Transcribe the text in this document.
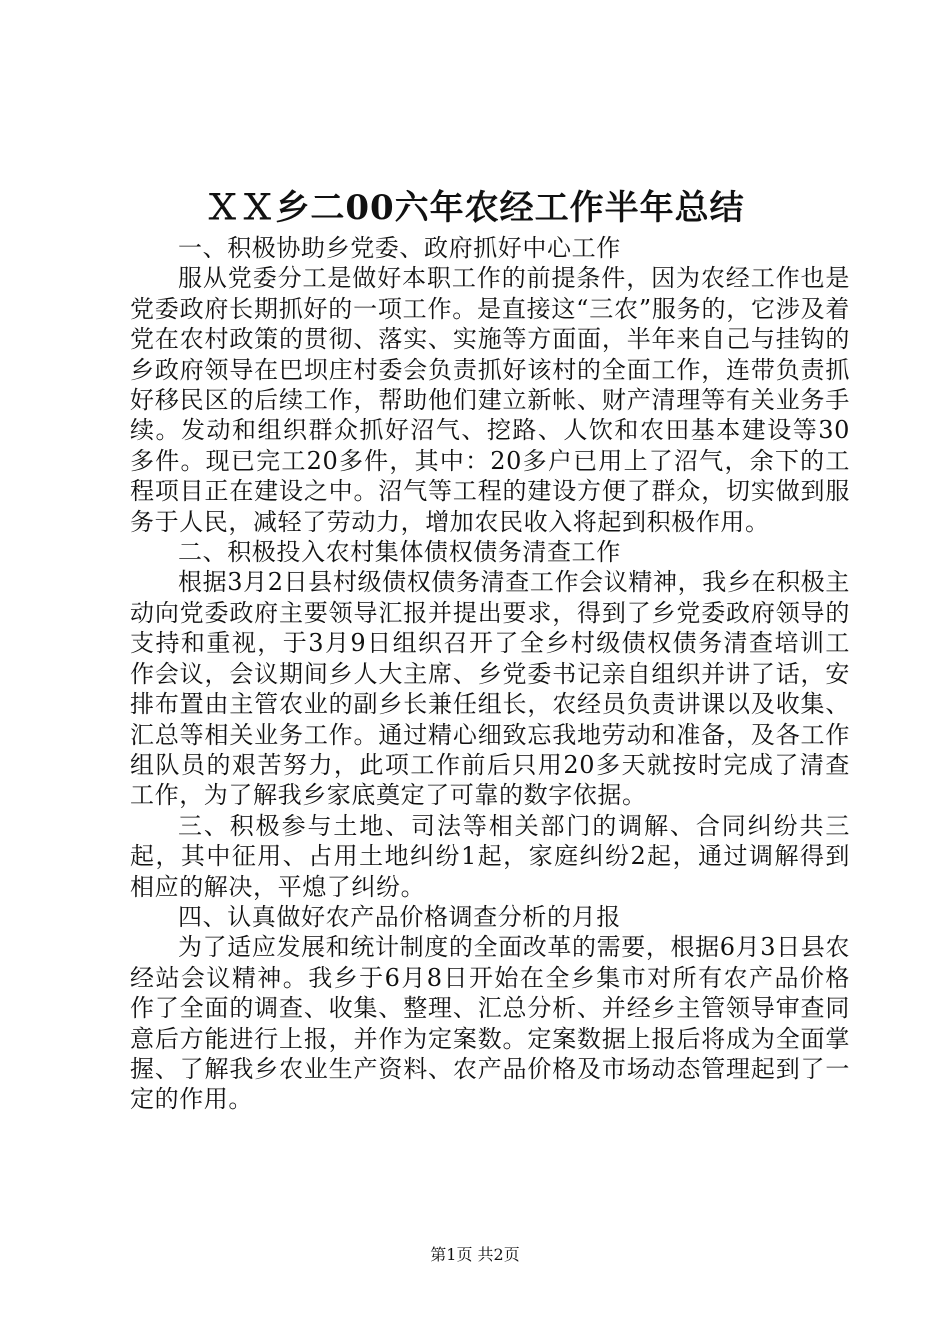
ＸＸ乡二00六年农经工作半年总结

一、积极协助乡党委、政府抓好中心工作

服从党委分工是做好本职工作的前提条件，因为农经工作也是党委政府长期抓好的一项工作。是直接这“三农”服务的，它涉及着党在农村政策的贯彻、落实、实施等方面面，半年来自己与挂钩的乡政府领导在巴坝庄村委会负责抓好该村的全面工作，连带负责抓好移民区的后续工作，帮助他们建立新帐、财产清理等有关业务手续。发动和组织群众抓好沼气、挖路、人饮和农田基本建设等30多件。现已完工20多件，其中：20多户已用上了沼气，余下的工程项目正在建设之中。沼气等工程的建设方便了群众，切实做到服务于人民，减轻了劳动力，增加农民收入将起到积极作用。

二、积极投入农村集体债权债务清查工作

根据3月2日县村级债权债务清查工作会议精神，我乡在积极主动向党委政府主要领导汇报并提出要求，得到了乡党委政府领导的支持和重视，于3月9日组织召开了全乡村级债权债务清查培训工作会议，会议期间乡人大主席、乡党委书记亲自组织并讲了话，安排布置由主管农业的副乡长兼任组长，农经员负责讲课以及收集、汇总等相关业务工作。通过精心细致忘我地劳动和准备，及各工作组队员的艰苦努力，此项工作前后只用20多天就按时完成了清查工作，为了解我乡家底奠定了可靠的数字依据。

三、积极参与土地、司法等相关部门的调解、合同纠纷共三起，其中征用、占用土地纠纷1起，家庭纠纷2起，通过调解得到相应的解决，平熄了纠纷。

四、认真做好农产品价格调查分析的月报

为了适应发展和统计制度的全面改革的需要，根据6月3日县农经站会议精神。我乡于6月8日开始在全乡集市对所有农产品价格作了全面的调查、收集、整理、汇总分析、并经乡主管领导审查同意后方能进行上报，并作为定案数。定案数据上报后将成为全面掌握、了解我乡农业生产资料、农产品价格及市场动态管理起到了一定的作用。

第1页 共2页
